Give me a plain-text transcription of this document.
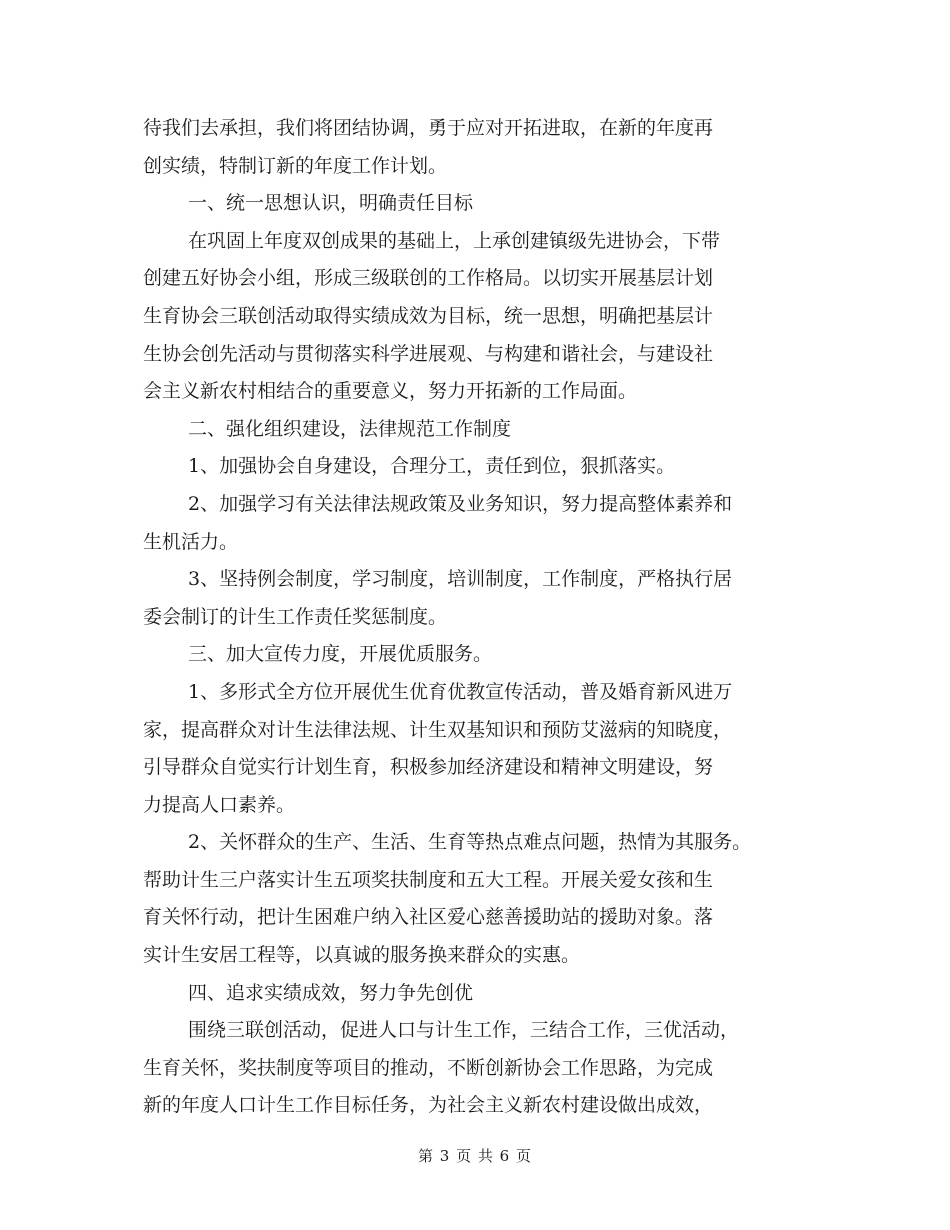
待我们去承担，我们将团结协调，勇于应对开拓进取，在新的年度再
创实绩，特制订新的年度工作计划。
一、统一思想认识，明确责任目标
在巩固上年度双创成果的基础上，上承创建镇级先进协会，下带
创建五好协会小组，形成三级联创的工作格局。以切实开展基层计划
生育协会三联创活动取得实绩成效为目标，统一思想，明确把基层计
生协会创先活动与贯彻落实科学进展观、与构建和谐社会，与建设社
会主义新农村相结合的重要意义，努力开拓新的工作局面。
二、强化组织建设，法律规范工作制度
1、加强协会自身建设，合理分工，责任到位，狠抓落实。
2、加强学习有关法律法规政策及业务知识，努力提高整体素养和
生机活力。
3、坚持例会制度，学习制度，培训制度，工作制度，严格执行居
委会制订的计生工作责任奖惩制度。
三、加大宣传力度，开展优质服务。
1、多形式全方位开展优生优育优教宣传活动，普及婚育新风进万
家，提高群众对计生法律法规、计生双基知识和预防艾滋病的知晓度，
引导群众自觉实行计划生育，积极参加经济建设和精神文明建设，努
力提高人口素养。
2、关怀群众的生产、生活、生育等热点难点问题，热情为其服务。
帮助计生三户落实计生五项奖扶制度和五大工程。开展关爱女孩和生
育关怀行动，把计生困难户纳入社区爱心慈善援助站的援助对象。落
实计生安居工程等，以真诚的服务换来群众的实惠。
四、追求实绩成效，努力争先创优
围绕三联创活动，促进人口与计生工作，三结合工作，三优活动，
生育关怀，奖扶制度等项目的推动，不断创新协会工作思路，为完成
新的年度人口计生工作目标任务，为社会主义新农村建设做出成效，
第 3 页 共 6 页
